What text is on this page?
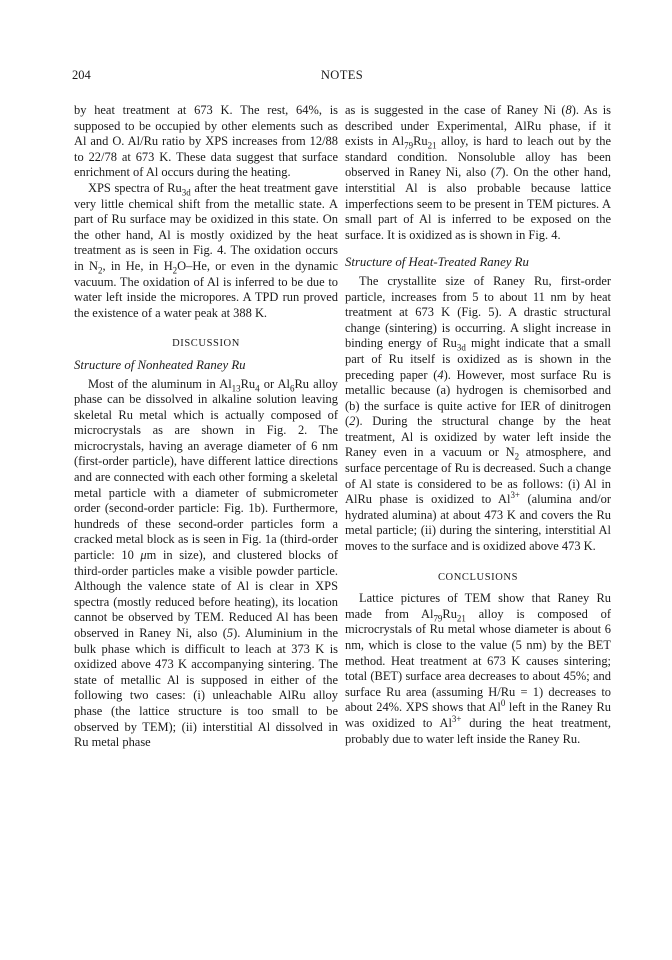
204	NOTES

by heat treatment at 673 K. The rest, 64%, is supposed to be occupied by other elements such as Al and O. Al/Ru ratio by XPS increases from 12/88 to 22/78 at 673 K. These data suggest that surface enrichment of Al occurs during the heating.

XPS spectra of $Ru_{3d}$ after the heat treatment gave very little chemical shift from the metallic state. A part of Ru surface may be oxidized in this state. On the other hand, Al is mostly oxidized by the heat treatment as is seen in Fig. 4. The oxidation occurs in $N_2$, in He, in $H_2O-He$, or even in the dynamic vacuum. The oxidation of Al is inferred to be due to water left inside the micropores. A TPD run proved the existence of a water peak at 388 K.

DISCUSSION
Structure of Nonheated Raney Ru

Most of the aluminum in $Al_{13}Ru_4$ or $Al_6Ru$ alloy phase can be dissolved in alkaline solution leaving skeletal Ru metal which is actually composed of microcrystals as are shown in Fig. 2. The microcrystals, having an average diameter of 6 nm (first-order particle), have different lattice directions and are connected with each other forming a skeletal metal particle with a diameter of submicrometer order (second-order particle: Fig. 1b). Furthermore, hundreds of these second-order particles form a cracked metal block as is seen in Fig. 1a (third-order particle: 10 μm in size), and clustered blocks of third-order particles make a visible powder particle. Although the valence state of Al is clear in XPS spectra (mostly reduced before heating), its location cannot be observed by TEM. Reduced Al has been observed in Raney Ni, also (5). Aluminium in the bulk phase which is difficult to leach at 373 K is oxidized above 473 K accompanying sintering. The state of metallic Al is supposed in either of the following two cases: (i) unleachable AlRu alloy phase (the lattice structure is too small to be observed by TEM); (ii) interstitial Al dissolved in Ru metal phase

as is suggested in the case of Raney Ni (8). As is described under Experimental, AlRu phase, if it exists in $Al_{79}Ru_{21}$ alloy, is hard to leach out by the standard condition. Nonsoluble alloy has been observed in Raney Ni, also (7). On the other hand, interstitial Al is also probable because lattice imperfections seem to be present in TEM pictures. A small part of Al is inferred to be exposed on the surface. It is oxidized as is shown in Fig. 4.

Structure of Heat-Treated Raney Ru

The crystallite size of Raney Ru, first-order particle, increases from 5 to about 11 nm by heat treatment at 673 K (Fig. 5). A drastic structural change (sintering) is occurring. A slight increase in binding energy of $Ru_{3d}$ might indicate that a small part of Ru itself is oxidized as is shown in the preceding paper (4). However, most surface Ru is metallic because (a) hydrogen is chemisorbed and (b) the surface is quite active for IER of dinitrogen (2). During the structural change by the heat treatment, Al is oxidized by water left inside the Raney even in a vacuum or $N_2$ atmosphere, and surface percentage of Ru is decreased. Such a change of Al state is considered to be as follows: (i) Al in AlRu phase is oxidized to $Al^{3+}$ (alumina and/or hydrated alumina) at about 473 K and covers the Ru metal particle; (ii) during the sintering, interstitial Al moves to the surface and is oxidized above 473 K.

CONCLUSIONS

Lattice pictures of TEM show that Raney Ru made from $Al_{79}Ru_{21}$ alloy is composed of microcrystals of Ru metal whose diameter is about 6 nm, which is close to the value (5 nm) by the BET method. Heat treatment at 673 K causes sintering; total (BET) surface area decreases to about 45%; and surface Ru area (assuming H/Ru = 1) decreases to about 24%. XPS shows that Al$^0$ left in the Raney Ru was oxidized to $Al^{3+}$ during the heat treatment, probably due to water left inside the Raney Ru.
